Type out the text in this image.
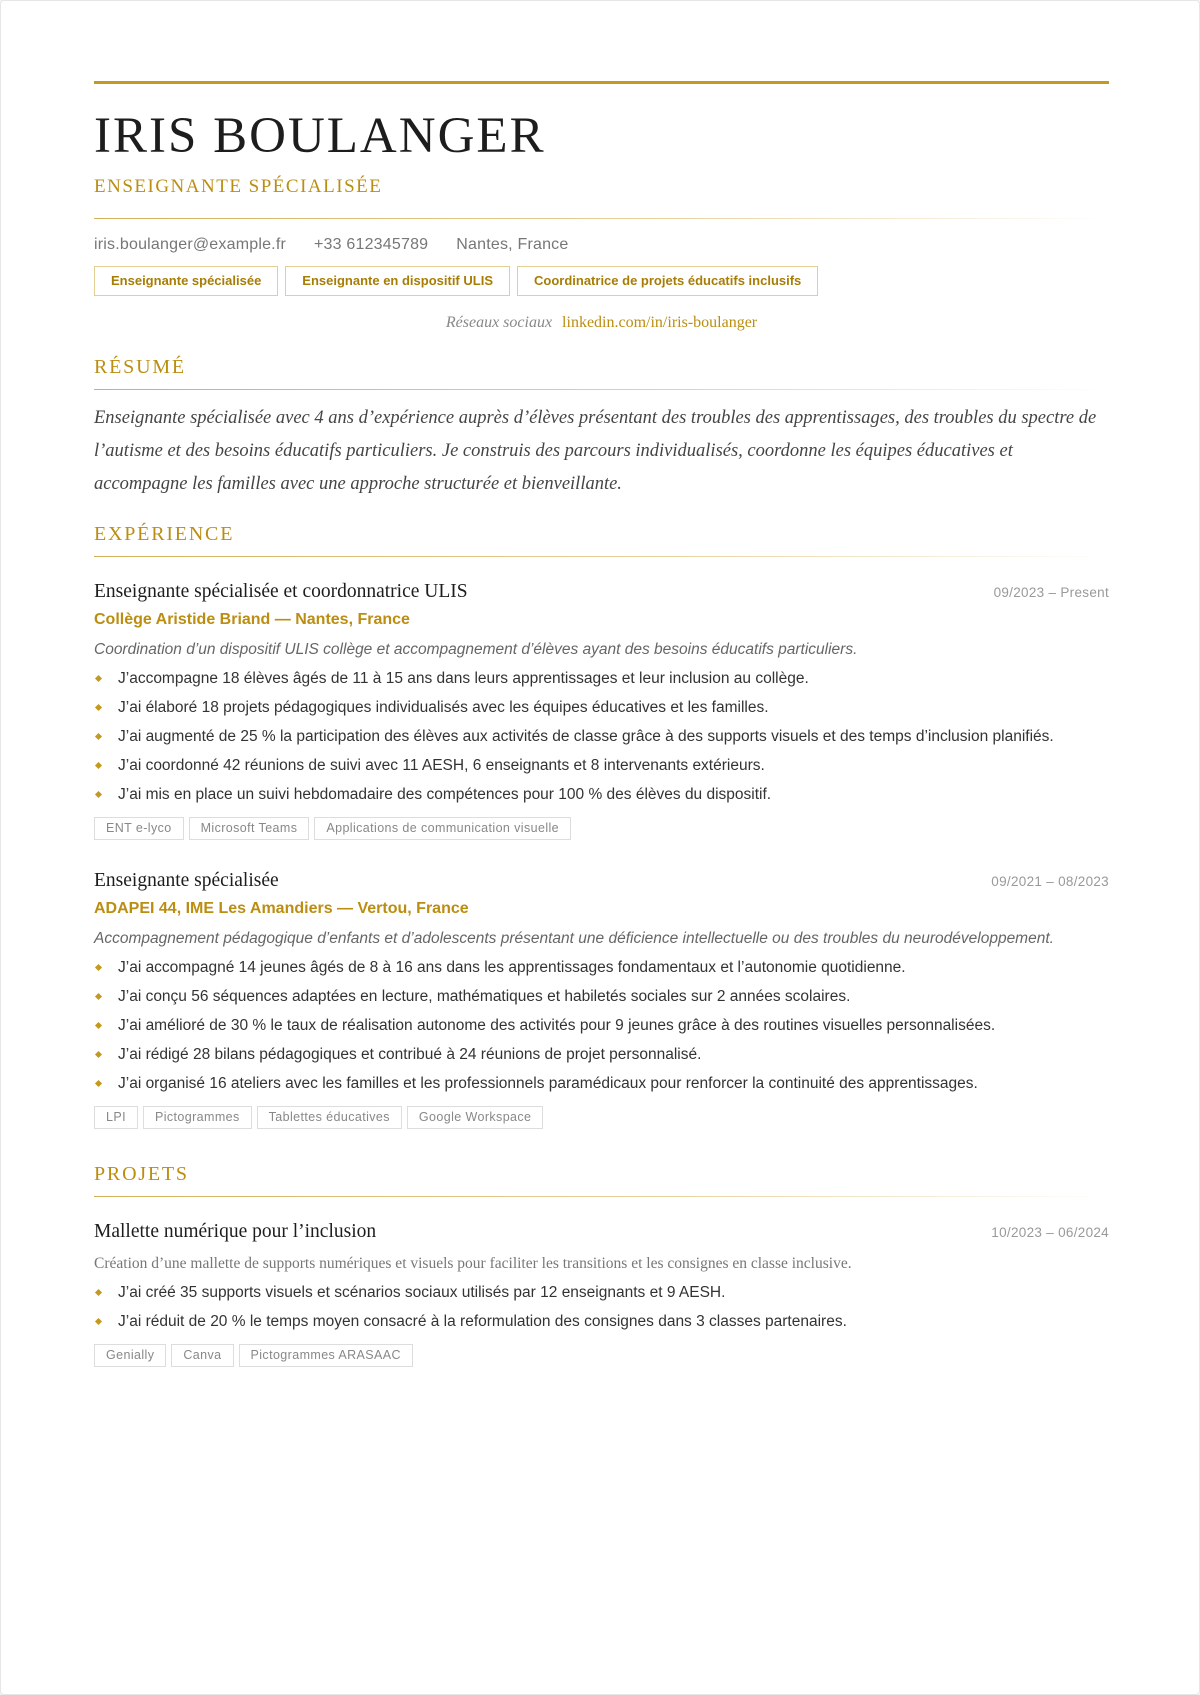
IRIS BOULANGER
ENSEIGNANTE SPÉCIALISÉE
iris.boulanger@example.fr +33 612345789 Nantes, France
Enseignante spécialisée	Enseignante en dispositif ULIS	Coordinatrice de projets éducatifs inclusifs
Réseaux sociaux linkedin.com/in/iris-boulanger
RÉSUMÉ
Enseignante spécialisée avec 4 ans d’expérience auprès d’élèves présentant des troubles des apprentissages, des troubles du spectre de l’autisme et des besoins éducatifs particuliers. Je construis des parcours individualisés, coordonne les équipes éducatives et accompagne les familles avec une approche structurée et bienveillante.
EXPÉRIENCE
Enseignante spécialisée et coordonnatrice ULIS	09/2023 – Present
Collège Aristide Briand — Nantes, France
Coordination d’un dispositif ULIS collège et accompagnement d’élèves ayant des besoins éducatifs particuliers.
J’accompagne 18 élèves âgés de 11 à 15 ans dans leurs apprentissages et leur inclusion au collège.
J’ai élaboré 18 projets pédagogiques individualisés avec les équipes éducatives et les familles.
J’ai augmenté de 25 % la participation des élèves aux activités de classe grâce à des supports visuels et des temps d’inclusion planifiés.
J’ai coordonné 42 réunions de suivi avec 11 AESH, 6 enseignants et 8 intervenants extérieurs.
J’ai mis en place un suivi hebdomadaire des compétences pour 100 % des élèves du dispositif.
ENT e-lyco	Microsoft Teams	Applications de communication visuelle
Enseignante spécialisée	09/2021 – 08/2023
ADAPEI 44, IME Les Amandiers — Vertou, France
Accompagnement pédagogique d’enfants et d’adolescents présentant une déficience intellectuelle ou des troubles du neurodéveloppement.
J’ai accompagné 14 jeunes âgés de 8 à 16 ans dans les apprentissages fondamentaux et l’autonomie quotidienne.
J’ai conçu 56 séquences adaptées en lecture, mathématiques et habiletés sociales sur 2 années scolaires.
J’ai amélioré de 30 % le taux de réalisation autonome des activités pour 9 jeunes grâce à des routines visuelles personnalisées.
J’ai rédigé 28 bilans pédagogiques et contribué à 24 réunions de projet personnalisé.
J’ai organisé 16 ateliers avec les familles et les professionnels paramédicaux pour renforcer la continuité des apprentissages.
LPI	Pictogrammes	Tablettes éducatives	Google Workspace
PROJETS
Mallette numérique pour l’inclusion	10/2023 – 06/2024
Création d’une mallette de supports numériques et visuels pour faciliter les transitions et les consignes en classe inclusive.
J’ai créé 35 supports visuels et scénarios sociaux utilisés par 12 enseignants et 9 AESH.
J’ai réduit de 20 % le temps moyen consacré à la reformulation des consignes dans 3 classes partenaires.
Genially	Canva	Pictogrammes ARASAAC
